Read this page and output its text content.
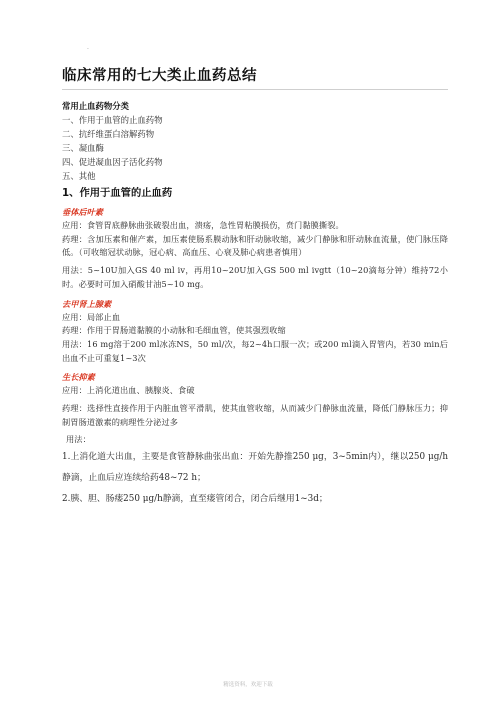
.
临床常用的七大类止血药总结
常用止血药物分类
一、作用于血管的止血药物
二、抗纤维蛋白溶解药物
三、凝血酶
四、促进凝血因子活化药物
五、其他
1、作用于血管的止血药
垂体后叶素
应用：食管胃底静脉曲张破裂出血，溃疡，急性胃粘膜损伤，贲门黏膜撕裂。
药理：含加压素和催产素，加压素使肠系膜动脉和肝动脉收缩，减少门静脉和肝动脉血流量，使门脉压降低。（可收缩冠状动脉，冠心病、高血压、心衰及肺心病患者慎用）
用法：5~10U加入GS 40 ml iv，再用10~20U加入GS 500 ml ivgtt（10~20滴每分钟）维持72小时。必要时可加入硝酸甘油5~10 mg。
去甲肾上腺素
应用：局部止血
药理：作用于胃肠道黏膜的小动脉和毛细血管，使其强烈收缩
用法：16 mg溶于200 ml冰冻NS，50 ml/次，每2~4h口服一次；或200 ml滴入胃管内，若30 min后出血不止可重复1~3次
生长抑素
应用：上消化道出血、胰腺炎、食破
药理：选择性直接作用于内脏血管平滑肌，使其血管收缩，从而减少门静脉血流量，降低门静脉压力；抑制胃肠道激素的病理性分泌过多
用法：
1.上消化道大出血，主要是食管静脉曲张出血：开始先静推250 μg，3~5min内），继以250 μg/h静滴，止血后应连续给药48~72 h；
2.胰、胆、肠瘘250 μg/h静滴，直至瘘管闭合，闭合后继用1~3d；
精选资料，欢迎下载
